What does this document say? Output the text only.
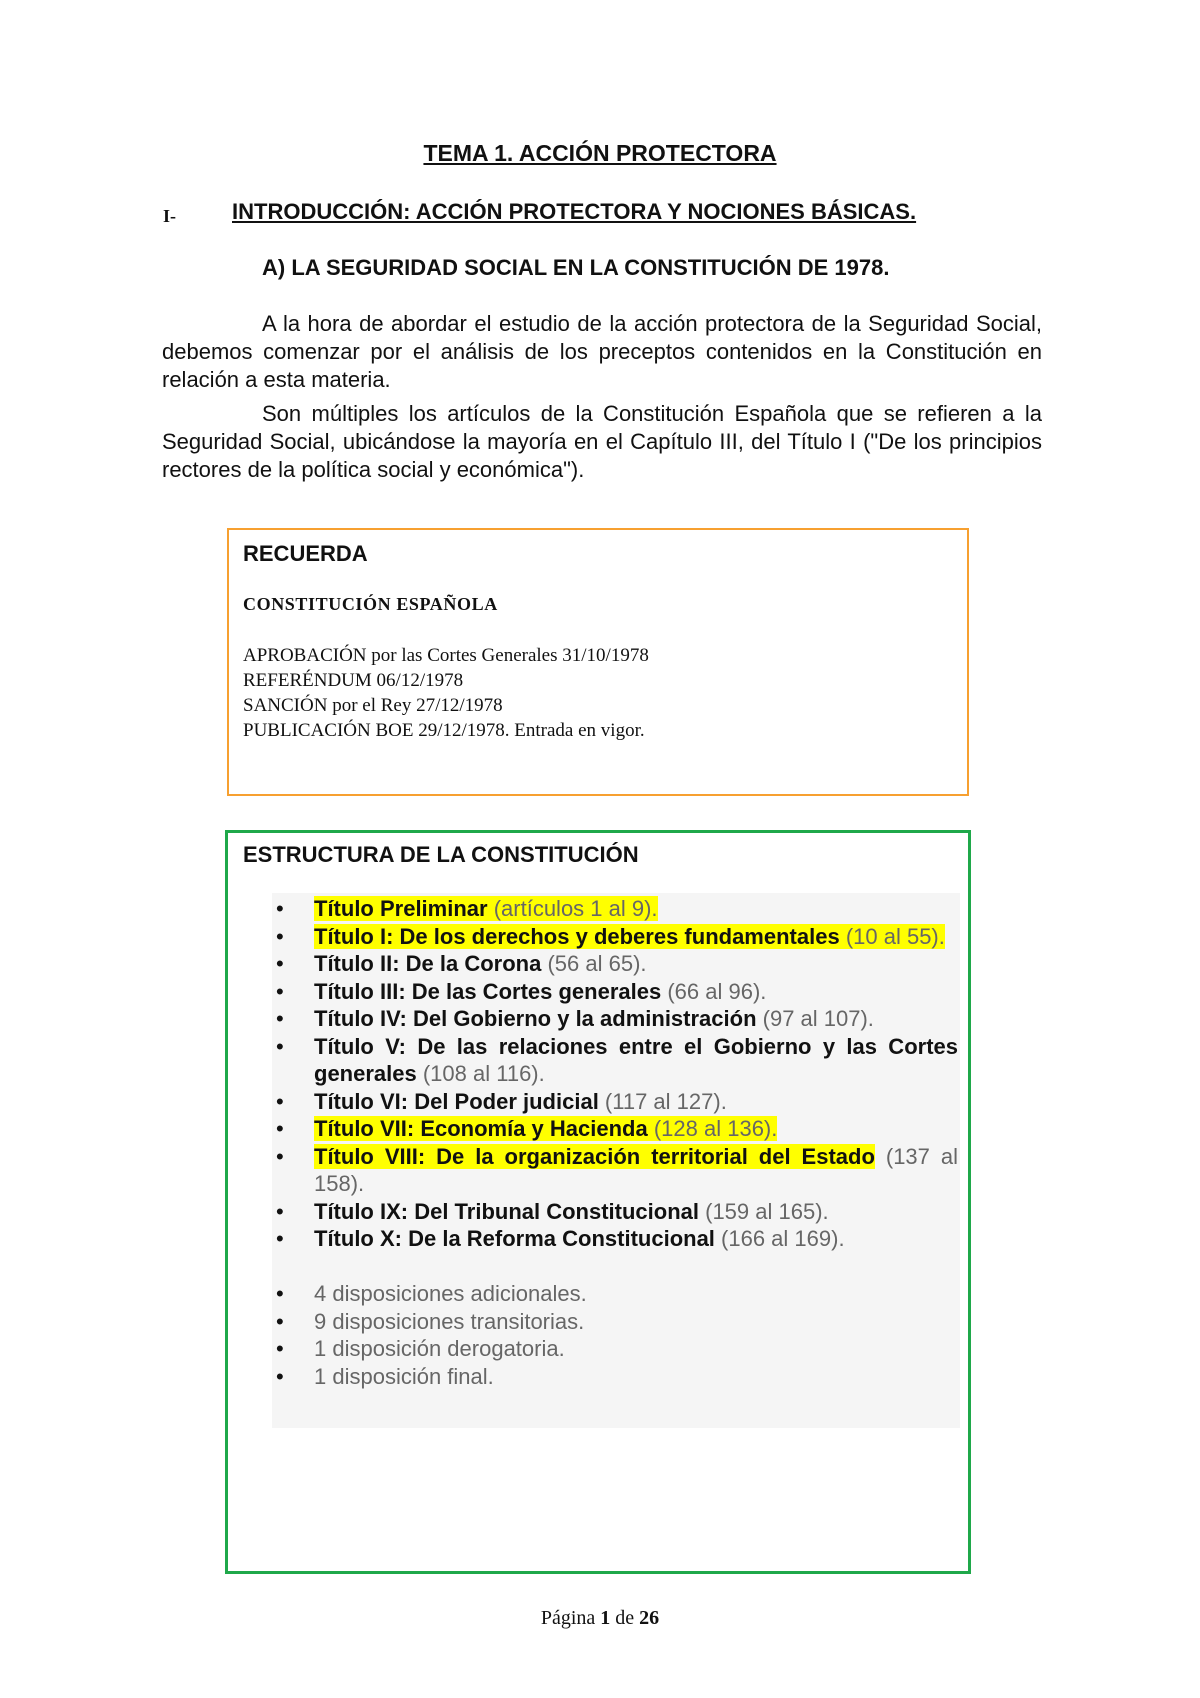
TEMA 1. ACCIÓN PROTECTORA
I-	INTRODUCCIÓN: ACCIÓN PROTECTORA Y NOCIONES BÁSICAS.
A) LA SEGURIDAD SOCIAL EN LA CONSTITUCIÓN DE 1978.

A la hora de abordar el estudio de la acción protectora de la Seguridad Social, debemos comenzar por el análisis de los preceptos contenidos en la Constitución en relación a esta materia.

Son múltiples los artículos de la Constitución Española que se refieren a la Seguridad Social, ubicándose la mayoría en el Capítulo III, del Título I ("De los principios rectores de la política social y económica").

RECUERDA
CONSTITUCIÓN ESPAÑOLA
APROBACIÓN por las Cortes Generales 31/10/1978
REFERÉNDUM 06/12/1978
SANCIÓN por el Rey 27/12/1978
PUBLICACIÓN BOE 29/12/1978. Entrada en vigor.
ESTRUCTURA DE LA CONSTITUCIÓN
• Título Preliminar (artículos 1 al 9).
• Título I: De los derechos y deberes fundamentales (10 al 55).
• Título II: De la Corona (56 al 65).
• Título III: De las Cortes generales (66 al 96).
• Título IV: Del Gobierno y la administración (97 al 107).
• Título V: De las relaciones entre el Gobierno y las Cortes generales (108 al 116).
• Título VI: Del Poder judicial (117 al 127).
• Título VII: Economía y Hacienda (128 al 136).
• Título VIII: De la organización territorial del Estado (137 al 158).
• Título IX: Del Tribunal Constitucional (159 al 165).
• Título X: De la Reforma Constitucional (166 al 169).
• 4 disposiciones adicionales.
• 9 disposiciones transitorias.
• 1 disposición derogatoria.
• 1 disposición final.
Página 1 de 26
